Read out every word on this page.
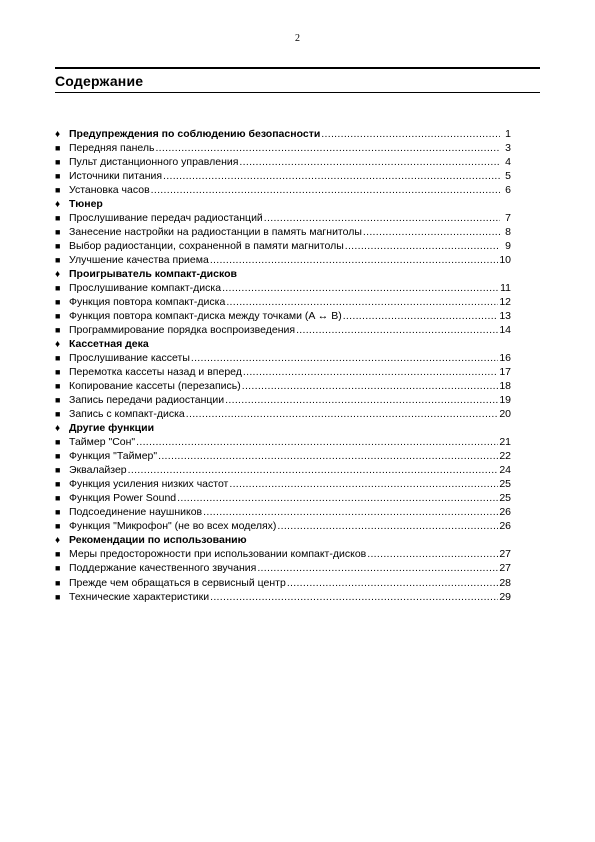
2
Содержание
♦ Предупреждения по соблюдению безопасности .....	1
■ Передняя панель .....	3
■ Пульт дистанционного управления .....	4
■ Источники питания .....	5
■ Установка часов .....	6
♦ Тюнер
■ Прослушивание передач радиостанций .....	7
■ Занесение настройки на радиостанции в память магнитолы .....	8
■ Выбор радиостанции, сохраненной в памяти магнитолы .....	9
■ Улучшение качества приема .....	10
♦ Проигрыватель компакт-дисков
■ Прослушивание компакт-диска .....	11
■ Функция повтора компакт-диска .....	12
■ Функция повтора компакт-диска между точками (A ↔ B) .....	13
■ Программирование порядка воспроизведения .....	14
♦ Кассетная дека
■ Прослушивание кассеты .....	16
■ Перемотка кассеты назад и вперед .....	17
■ Копирование кассеты (перезапись) .....	18
■ Запись передачи радиостанции .....	19
■ Запись с компакт-диска .....	20
♦ Другие функции
■ Таймер "Сон" .....	21
■ Функция "Таймер" .....	22
■ Эквалайзер .....	24
■ Функция усиления низких частот .....	25
■ Функция Power Sound .....	25
■ Подсоединение наушников .....	26
■ Функция "Микрофон" (не во всех моделях) .....	26
♦ Рекомендации по использованию
■ Меры предосторожности при использовании компакт-дисков .....	27
■ Поддержание качественного звучания .....	27
■ Прежде чем обращаться в сервисный центр .....	28
■ Технические характеристики .....	29
